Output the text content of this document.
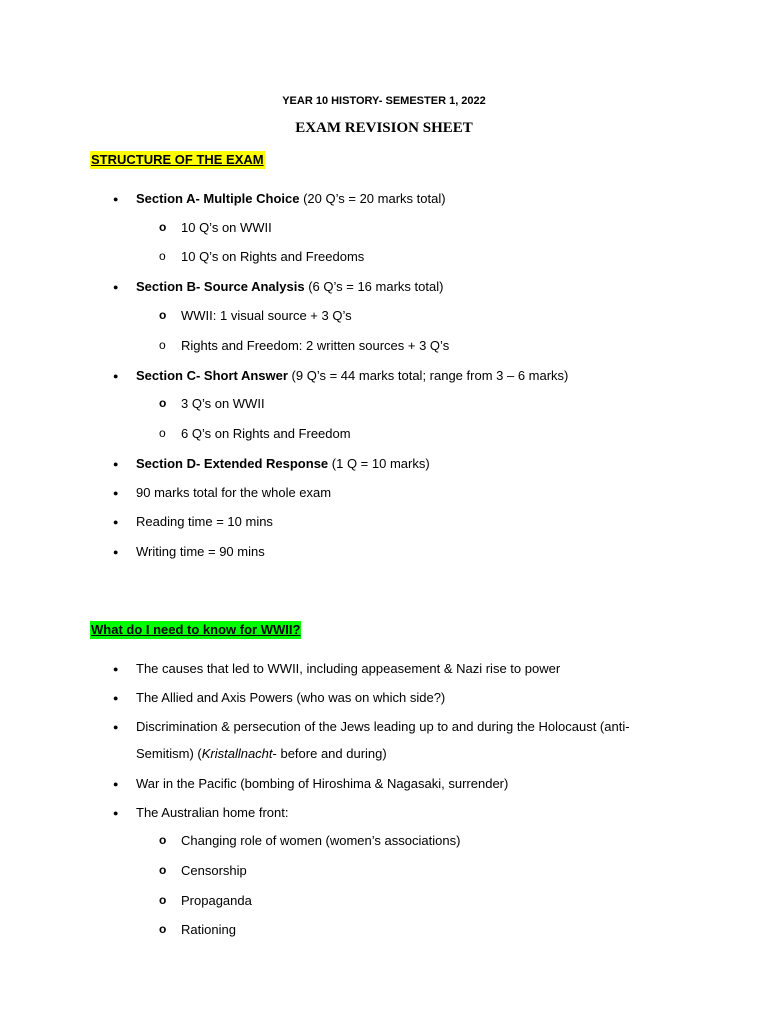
YEAR 10 HISTORY- SEMESTER 1, 2022
EXAM REVISION SHEET
STRUCTURE OF THE EXAM
● Section A- Multiple Choice (20 Q’s = 20 marks total)
o 10 Q’s on WWII
o 10 Q’s on Rights and Freedoms
● Section B- Source Analysis (6 Q’s = 16 marks total)
o WWII: 1 visual source + 3 Q’s
o Rights and Freedom: 2 written sources + 3 Q’s
● Section C- Short Answer (9 Q’s = 44 marks total; range from 3 – 6 marks)
o 3 Q’s on WWII
o 6 Q’s on Rights and Freedom
● Section D- Extended Response (1 Q = 10 marks)
● 90 marks total for the whole exam
● Reading time = 10 mins
● Writing time = 90 mins
What do I need to know for WWII?
● The causes that led to WWII, including appeasement & Nazi rise to power
● The Allied and Axis Powers (who was on which side?)
● Discrimination & persecution of the Jews leading up to and during the Holocaust (anti-
Semitism) (Kristallnacht- before and during)
● War in the Pacific (bombing of Hiroshima & Nagasaki, surrender)
● The Australian home front:
o Changing role of women (women’s associations)
o Censorship
o Propaganda
o Rationing
